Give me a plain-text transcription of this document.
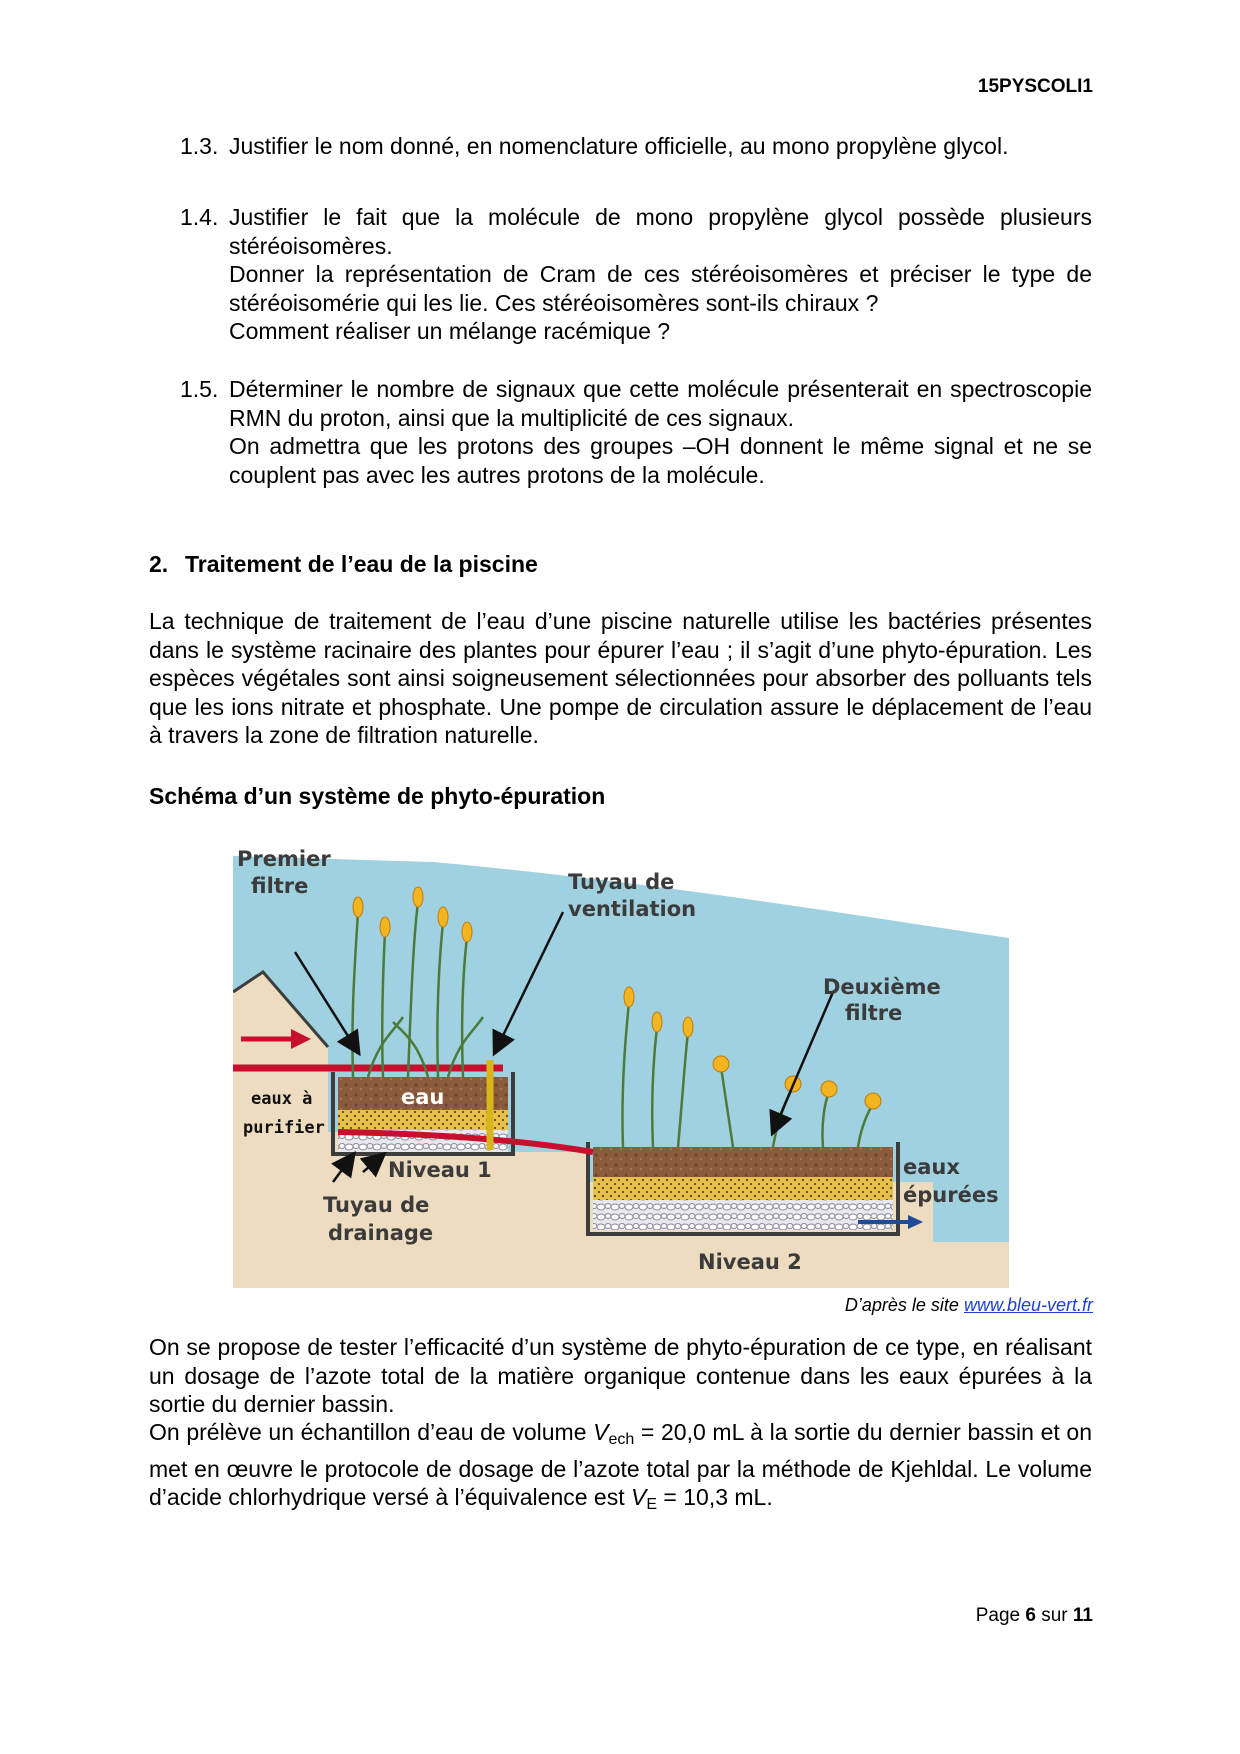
15PYSCOLI1
1.3. Justifier le nom donné, en nomenclature officielle, au mono propylène glycol.

1.4. Justifier le fait que la molécule de mono propylène glycol possède plusieurs stéréoisomères.

Donner la représentation de Cram de ces stéréoisomères et préciser le type de stéréoisomérie qui les lie. Ces stéréoisomères sont-ils chiraux ?

Comment réaliser un mélange racémique ?

1.5. Déterminer le nombre de signaux que cette molécule présenterait en spectroscopie RMN du proton, ainsi que la multiplicité de ces signaux.

On admettra que les protons des groupes –OH donnent le même signal et ne se couplent pas avec les autres protons de la molécule.

2. Traitement de l’eau de la piscine

La technique de traitement de l’eau d’une piscine naturelle utilise les bactéries présentes dans le système racinaire des plantes pour épurer l’eau ; il s’agit d’une phyto-épuration. Les espèces végétales sont ainsi soigneusement sélectionnées pour absorber des polluants tels que les ions nitrate et phosphate. Une pompe de circulation assure le déplacement de l’eau à travers la zone de filtration naturelle.

Schéma d’un système de phyto-épuration
Premier
filtre	Tuyau de
ventilation
Deuxième
filtre
eau
eaux à
purifier
Niveau 1
Tuyau de
drainage
eaux
épurées
Niveau 2
D’après le site www.bleu-vert.fr

On se propose de tester l’efficacité d’un système de phyto-épuration de ce type, en réalisant un dosage de l’azote total de la matière organique contenue dans les eaux épurées à la sortie du dernier bassin.

On prélève un échantillon d’eau de volume $V_{ech} = 20,0$ mL à la sortie du dernier bassin et on met en œuvre le protocole de dosage de l’azote total par la méthode de Kjehldal. Le volume d’acide chlorhydrique versé à l’équivalence est $V_E = 10,3$ mL.

Page 6 sur 11
